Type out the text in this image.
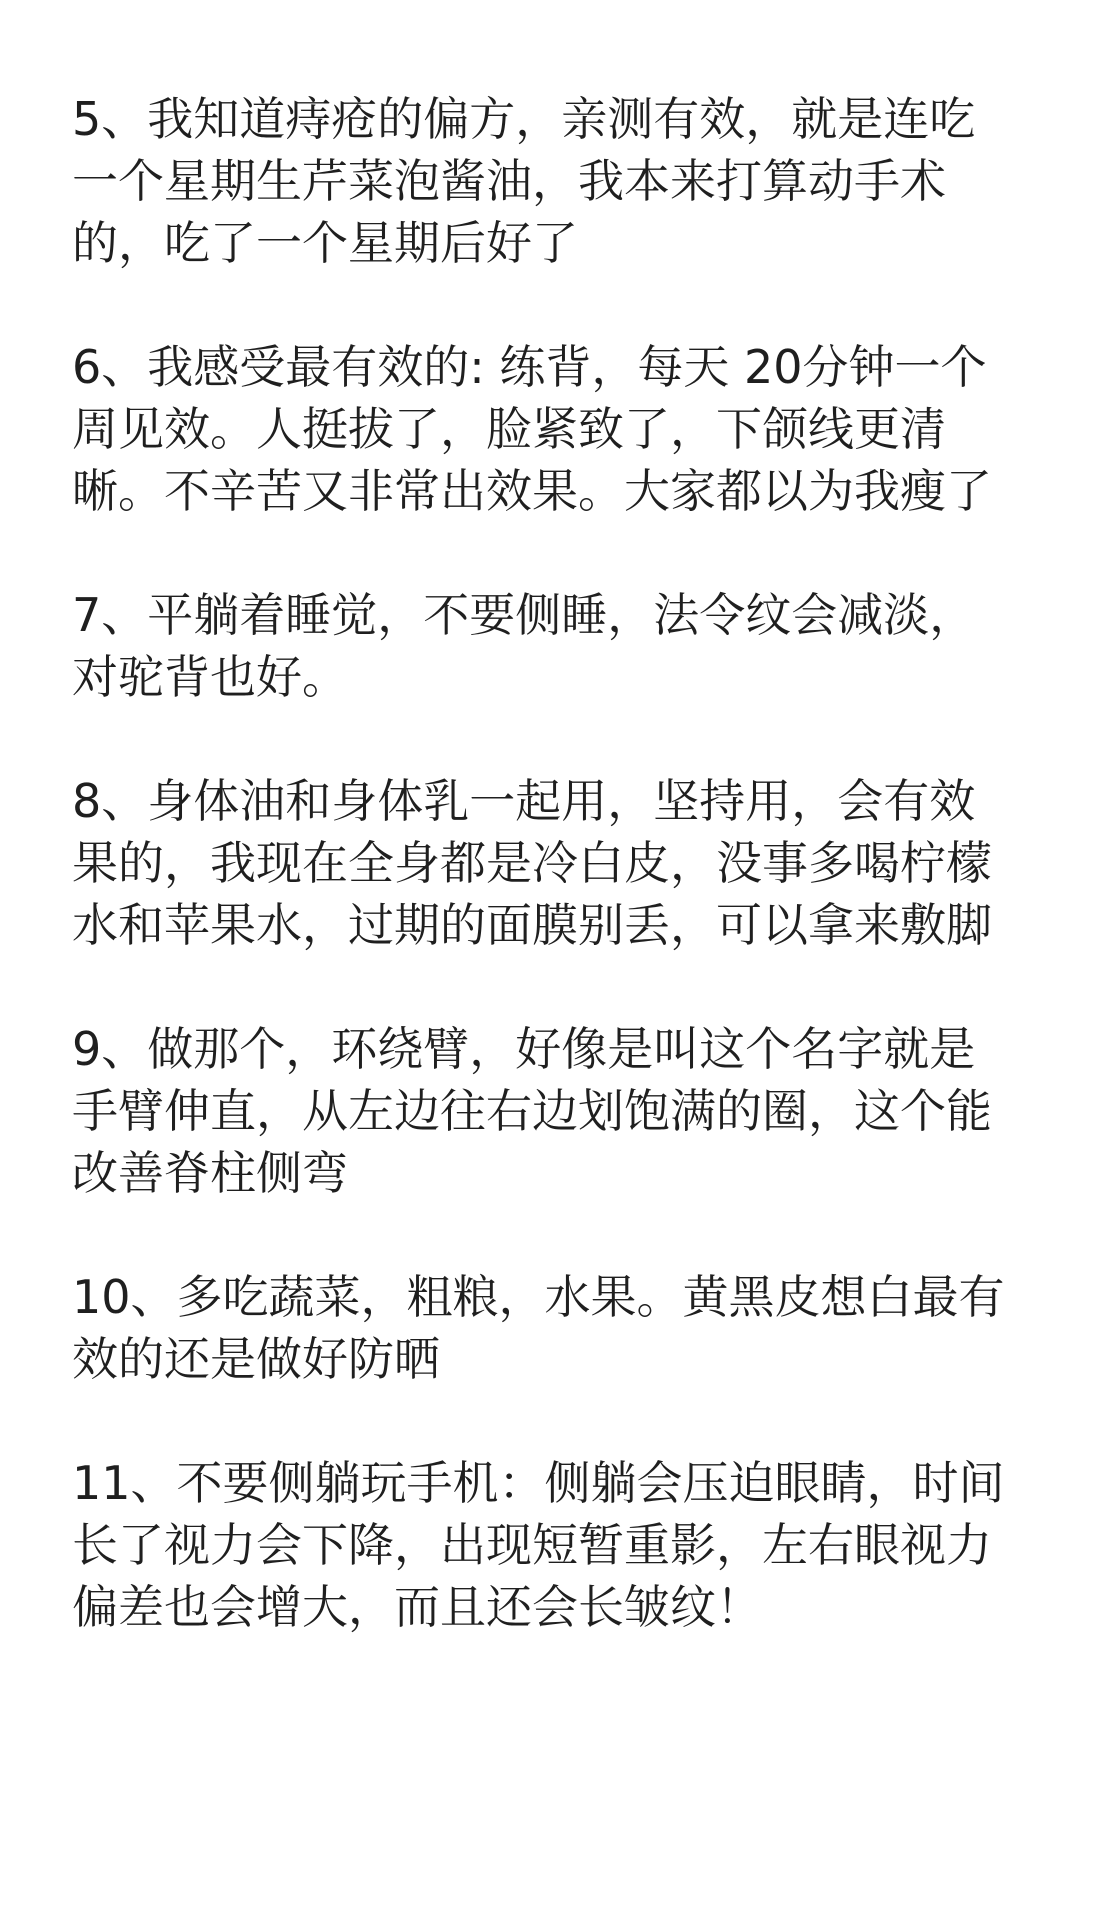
5、我知道痔疮的偏方，亲测有效，就是连吃
一个星期生芹菜泡酱油，我本来打算动手术
的，吃了一个星期后好了
6、我感受最有效的: 练背，每天 20分钟一个
周见效。人挺拔了，脸紧致了，下颌线更清
晰。不辛苦又非常出效果。大家都以为我瘦了
7、平躺着睡觉，不要侧睡，法令纹会减淡，
对驼背也好。
8、身体油和身体乳一起用，坚持用，会有效
果的，我现在全身都是冷白皮，没事多喝柠檬
水和苹果水，过期的面膜别丢，可以拿来敷脚
9、做那个，环绕臂，好像是叫这个名字就是
手臂伸直，从左边往右边划饱满的圈，这个能
改善脊柱侧弯
10、多吃蔬菜，粗粮，水果。黄黑皮想白最有
效的还是做好防晒
11、不要侧躺玩手机：侧躺会压迫眼睛，时间
长了视力会下降，出现短暂重影，左右眼视力
偏差也会增大，而且还会长皱纹！
